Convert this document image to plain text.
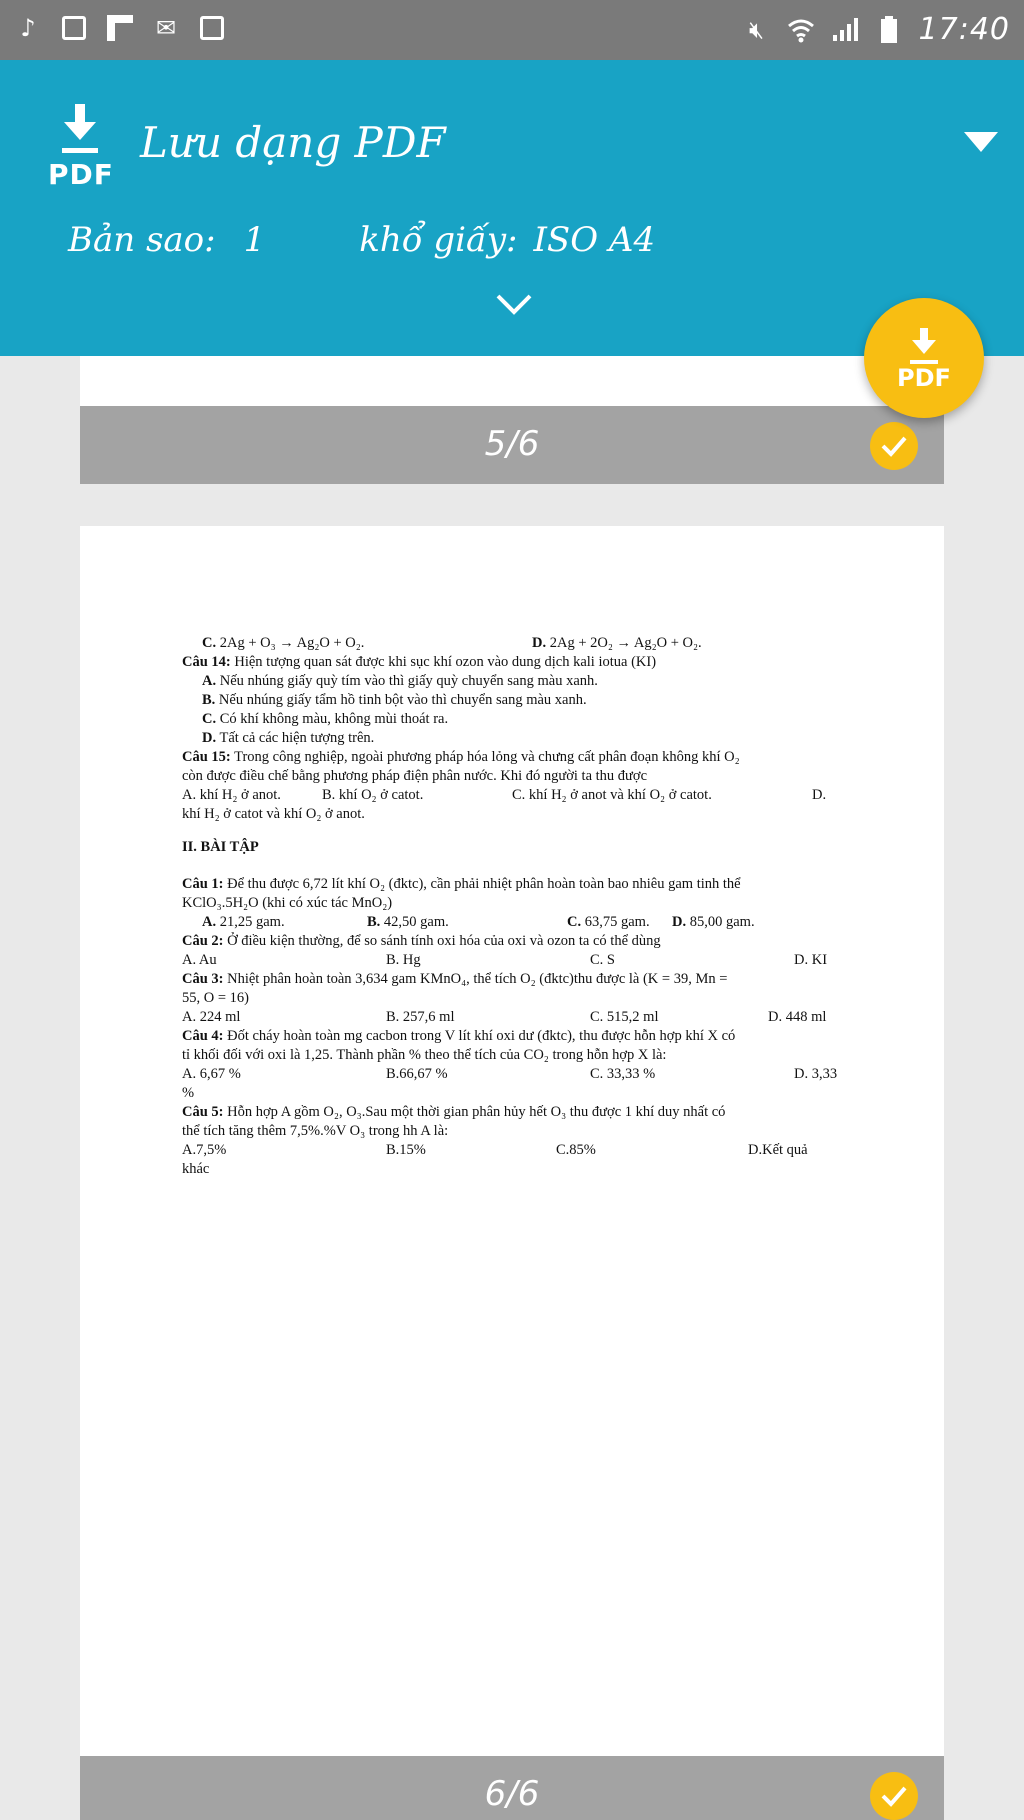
♪	✉	🔇︎	17:40
PDF
Lưu dạng PDF
Bản sao: 1	khổ giấy: ISO A4
5/6
PDF
C. 2Ag + O₃ → Ag₂O + O₂.	D. 2Ag + 2O₂ → Ag₂O + O₂.
Câu 14: Hiện tượng quan sát được khi sục khí ozon vào dung dịch kali iotua (KI)
A. Nếu nhúng giấy quỳ tím vào thì giấy quỳ chuyển sang màu xanh.
B. Nếu nhúng giấy tẩm hồ tinh bột vào thì chuyển sang màu xanh.
C. Có khí không màu, không mùi thoát ra.
D. Tất cả các hiện tượng trên.
Câu 15: Trong công nghiệp, ngoài phương pháp hóa lỏng và chưng cất phân đoạn không khí O₂
còn được điều chế bằng phương pháp điện phân nước. Khi đó người ta thu được
A. khí H₂ ở anot.	B. khí O₂ ở catot.	C. khí H₂ ở anot và khí O₂ ở catot.	D.
khí H₂ ở catot và khí O₂ ở anot.
II. BÀI TẬP
Câu 1: Để thu được 6,72 lít khí O₂ (đktc), cần phải nhiệt phân hoàn toàn bao nhiêu gam tinh thể
KClO₃.5H₂O (khi có xúc tác MnO₂)
A. 21,25 gam.	B. 42,50 gam.	C. 63,75 gam.	D. 85,00 gam.
Câu 2: Ở điều kiện thường, để so sánh tính oxi hóa của oxi và ozon ta có thể dùng
A. Au	B. Hg	C. S	D. KI
Câu 3: Nhiệt phân hoàn toàn 3,634 gam KMnO₄, thể tích O₂ (đktc)thu được là (K = 39, Mn =
55, O = 16)
A. 224 ml	B. 257,6 ml	C. 515,2 ml	D. 448 ml
Câu 4: Đốt cháy hoàn toàn mg cacbon trong V lít khí oxi dư (đktc), thu được hỗn hợp khí X có
tỉ khối đối với oxi là 1,25. Thành phần % theo thể tích của CO₂ trong hỗn hợp X là:
A. 6,67 %	B.66,67 %	C. 33,33 %	D. 3,33
%
Câu 5: Hỗn hợp A gồm O₂, O₃.Sau một thời gian phân hủy hết O₃ thu được 1 khí duy nhất có
thể tích tăng thêm 7,5%.%V O₃ trong hh A là:
A.7,5%	B.15%	C.85%	D.Kết quả
khác
6/6
